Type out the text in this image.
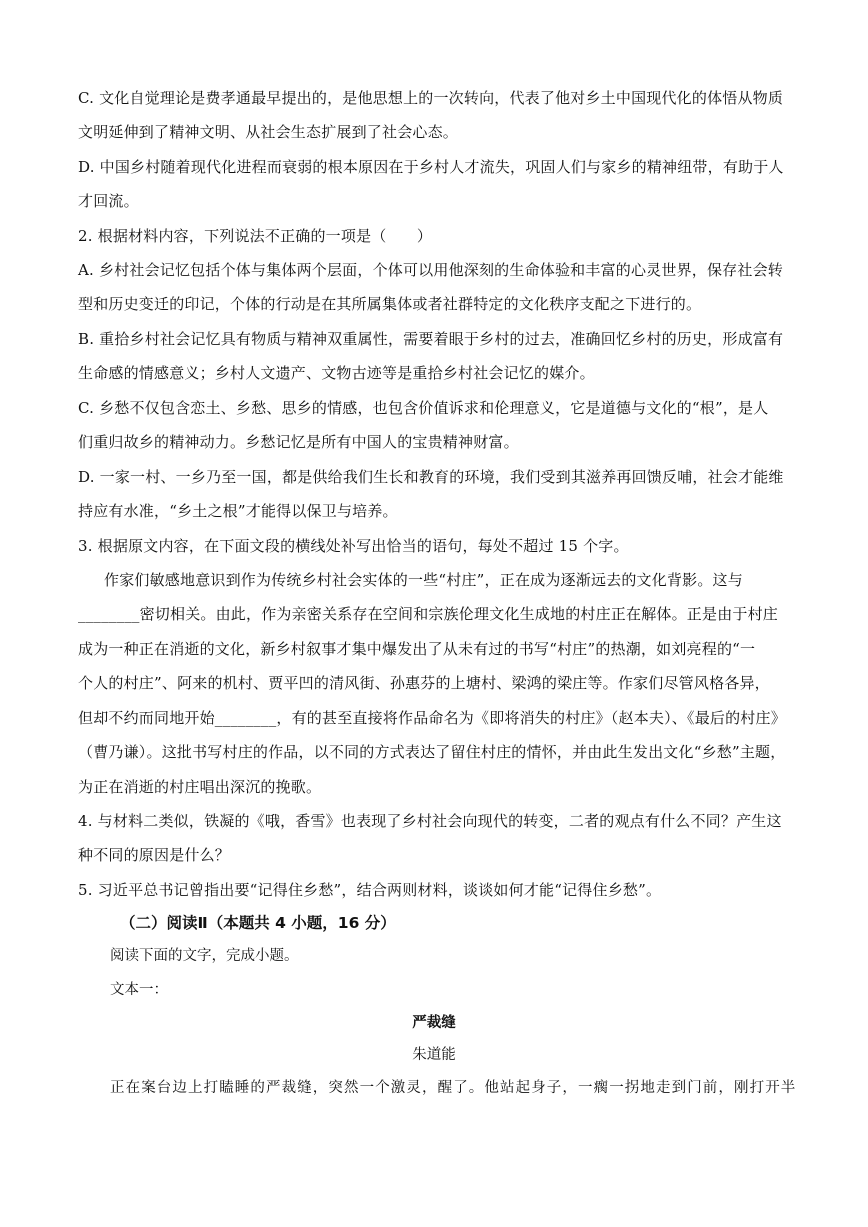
C. 文化自觉理论是费孝通最早提出的，是他思想上的一次转向，代表了他对乡土中国现代化的体悟从物质
文明延伸到了精神文明、从社会生态扩展到了社会心态。
D. 中国乡村随着现代化进程而衰弱的根本原因在于乡村人才流失，巩固人们与家乡的精神纽带，有助于人
才回流。
2. 根据材料内容，下列说法不正确的一项是（　　）
A. 乡村社会记忆包括个体与集体两个层面，个体可以用他深刻的生命体验和丰富的心灵世界，保存社会转
型和历史变迁的印记，个体的行动是在其所属集体或者社群特定的文化秩序支配之下进行的。
B. 重拾乡村社会记忆具有物质与精神双重属性，需要着眼于乡村的过去，准确回忆乡村的历史，形成富有
生命感的情感意义；乡村人文遗产、文物古迹等是重拾乡村社会记忆的媒介。
C. 乡愁不仅包含恋土、乡愁、思乡的情感，也包含价值诉求和伦理意义，它是道德与文化的“根”，是人
们重归故乡的精神动力。乡愁记忆是所有中国人的宝贵精神财富。
D. 一家一村、一乡乃至一国，都是供给我们生长和教育的环境，我们受到其滋养再回馈反哺，社会才能维
持应有水准，“乡土之根”才能得以保卫与培养。
3. 根据原文内容，在下面文段的横线处补写出恰当的语句，每处不超过 15 个字。
作家们敏感地意识到作为传统乡村社会实体的一些“村庄”，正在成为逐渐远去的文化背影。这与
________密切相关。由此，作为亲密关系存在空间和宗族伦理文化生成地的村庄正在解体。正是由于村庄
成为一种正在消逝的文化，新乡村叙事才集中爆发出了从未有过的书写“村庄”的热潮，如刘亮程的“一
个人的村庄”、阿来的机村、贾平凹的清风街、孙惠芬的上塘村、梁鸿的梁庄等。作家们尽管风格各异，
但却不约而同地开始________，有的甚至直接将作品命名为《即将消失的村庄》（赵本夫）、《最后的村庄》
（曹乃谦）。这批书写村庄的作品，以不同的方式表达了留住村庄的情怀，并由此生发出文化“乡愁”主题，
为正在消逝的村庄唱出深沉的挽歌。
4. 与材料二类似，铁凝的《哦，香雪》也表现了乡村社会向现代的转变，二者的观点有什么不同？产生这
种不同的原因是什么？
5. 习近平总书记曾指出要“记得住乡愁”，结合两则材料，谈谈如何才能“记得住乡愁”。
（二）阅读Ⅱ（本题共 4 小题，16 分）
阅读下面的文字，完成小题。
文本一：
严裁缝
朱道能
正在案台边上打瞌睡的严裁缝，突然一个激灵，醒了。他站起身子，一瘸一拐地走到门前，刚打开半
